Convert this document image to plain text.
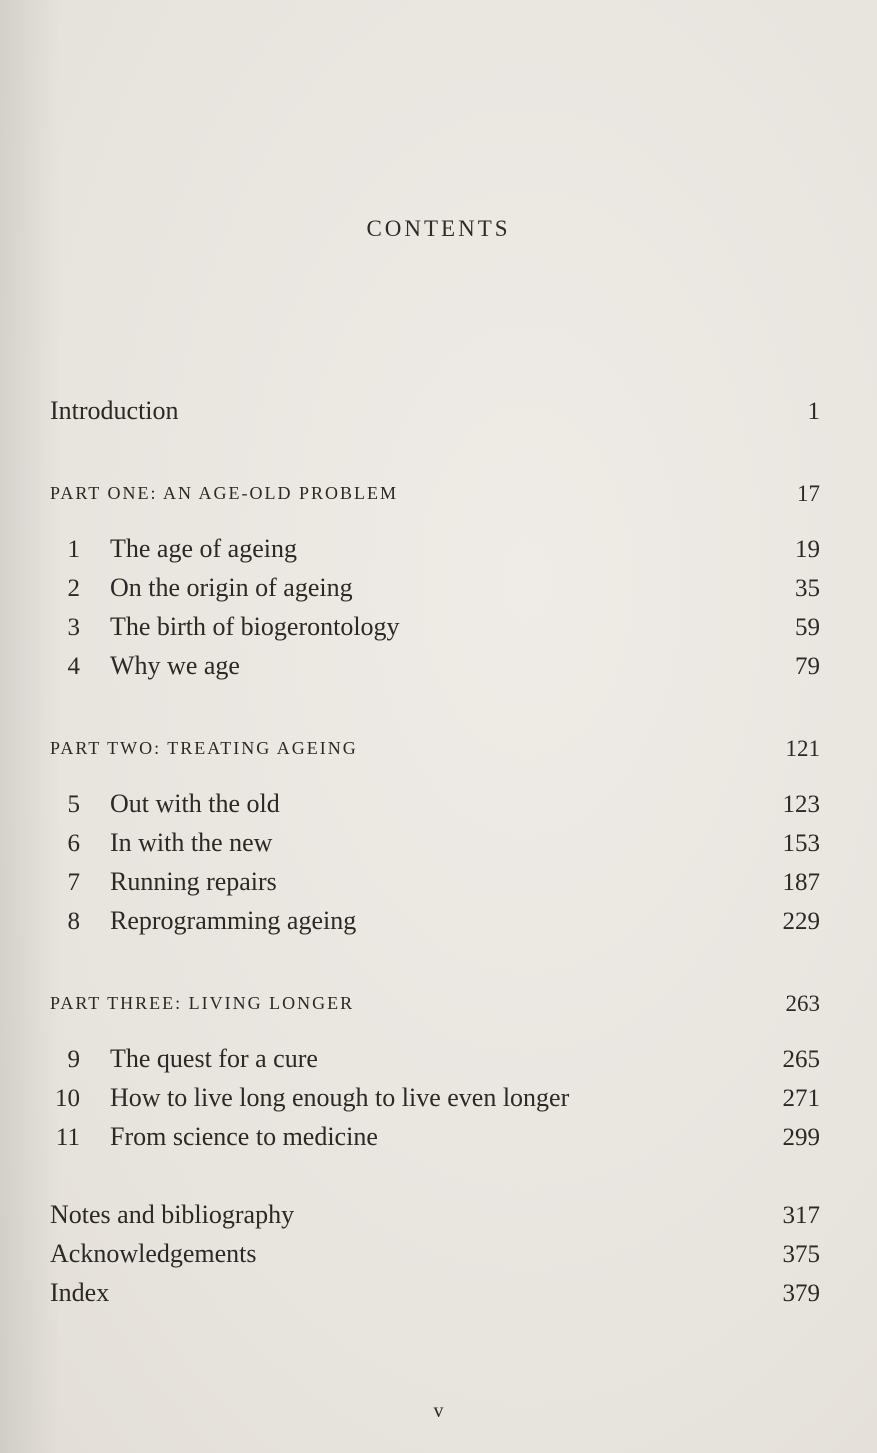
CONTENTS
Introduction	1
PART ONE: AN AGE-OLD PROBLEM	17
1 The age of ageing	19
2 On the origin of ageing	35
3 The birth of biogerontology	59
4 Why we age	79
PART TWO: TREATING AGEING	121
5 Out with the old	123
6 In with the new	153
7 Running repairs	187
8 Reprogramming ageing	229
PART THREE: LIVING LONGER	263
9 The quest for a cure	265
10 How to live long enough to live even longer	271
11 From science to medicine	299
Notes and bibliography	317
Acknowledgements	375
Index	379
v
